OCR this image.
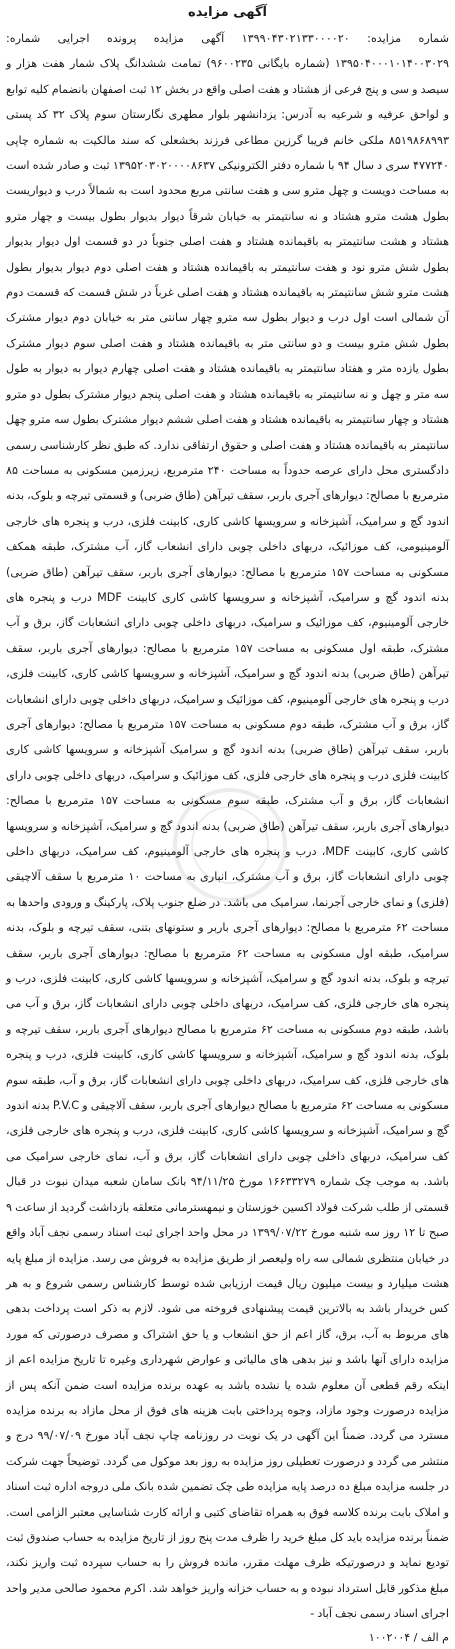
آگهی مزایده

شماره مزایده: ۱۳۹۹۰۴۳۰۲۱۳۳۰۰۰۰۲۰ آگهی مزایده پرونده اجرایی شماره: ۱۳۹۵۰۴۰۰۰۱۰۱۴۰۰۳۰۲۹ (شماره بایگانی ۹۶۰۰۲۳۵) تمامت ششدانگ پلاک شمار هفت هزار و سیصد و سی و پنج فرعی از هشتاد و هفت اصلی واقع در بخش ۱۲ ثبت اصفهان بانضمام کلیه توابع و لواحق عرفیه و شرعیه به آدرس: یزدانشهر بلوار مطهری نگارستان سوم پلاک ۳۲ کد پستی ۸۵۱۹۸۶۸۹۹۳ ملکی خانم فریبا گرزین مطاعی فرزند بخشعلی که سند مالکیت به شماره چاپی ۴۷۷۲۴۰ سری د سال ۹۴ با شماره دفتر الکترونیکی ۱۳۹۵۲۰۳۰۲۰۰۰۰۸۶۳۷ ثبت و صادر شده است به مساحت دویست و چهل مترو سی و هفت سانتی مربع محدود است به شمالاً درب و دیواریست بطول هشت مترو هشتاد و نه سانتیمتر به خیابان شرقاً دیوار بدیوار بطول بیست و چهار مترو هشتاد و هشت سانتیمتر به باقیمانده هشتاد و هفت اصلی جنوباً در دو قسمت اول دیوار بدیوار بطول شش مترو نود و هفت سانتیمتر به باقیمانده هشتاد و هفت اصلی دوم دیوار بدیوار بطول هشت مترو شش سانتیمتر به باقیمانده هشتاد و هفت اصلی غرباً در شش قسمت که قسمت دوم آن شمالی است اول درب و دیوار بطول سه مترو چهار سانتی متر به خیابان دوم دیوار مشترک بطول شش مترو بیست و دو سانتی متر به باقیمانده هشتاد و هفت اصلی سوم دیوار مشترک بطول یازده متر و هفتاد سانتیمتر به باقیمانده هشتاد و هفت اصلی چهارم دیوار به دیوار به طول سه متر و چهل و نه سانتیمتر به باقیمانده هشتاد و هفت اصلی پنجم دیوار مشترک بطول دو مترو هشتاد و چهار سانتیمتر به باقیمانده هشتاد و هفت اصلی ششم دیوار مشترک بطول سه مترو چهل سانتیمتر به باقیمانده هشتاد و هفت اصلی و حقوق ارتفاقی ندارد. که طبق نظر کارشناسی رسمی دادگستری محل دارای عرصه حدوداً به مساحت ۲۴۰ مترمربع، زیرزمین مسکونی به مساحت ۸۵ مترمربع با مصالح: دیوارهای آجری باربر، سقف تیرآهن (طاق ضربی) و قسمتی تیرچه و بلوک، بدنه اندود گچ و سرامیک، آشپزخانه و سرویسها کاشی کاری، کابینت فلزی، درب و پنجره های خارجی آلومینیومی، کف موزائیک، دربهای داخلی چوبی دارای انشعاب گاز، آب مشترک، طبقه همکف مسکونی به مساحت ۱۵۷ مترمربع با مصالح: دیوارهای آجری باربر، سقف تیرآهن (طاق ضربی) بدنه اندود گچ و سرامیک، آشپزخانه و سرویسها کاشی کاری کابینت MDF درب و پنجره های خارجی آلومینیوم، کف موزائیک و سرامیک، دربهای داخلی چوبی دارای انشعابات گاز، برق و آب مشترک، طبقه اول مسکونی به مساحت ۱۵۷ مترمربع با مصالح: دیوارهای آجری باربر، سقف تیرآهن (طاق ضربی) بدنه اندود گچ و سرامیک، آشپزخانه و سرویسها کاشی کاری، کابینت فلزی، درب و پنجره های خارجی آلومینیوم، کف موزائیک و سرامیک، دربهای داخلی چوبی دارای انشعابات گاز، برق و آب مشترک، طبقه دوم مسکونی به مساحت ۱۵۷ مترمربع با مصالح: دیوارهای آجری باربر، سقف تیرآهن (طاق ضربی) بدنه اندود گچ و سرامیک آشپزخانه و سرویسها کاشی کاری کابینت فلزی درب و پنجره های خارجی فلزی، کف موزائیک و سرامیک، دربهای داخلی چوبی دارای انشعابات گاز، برق و آب مشترک، طبقه سوم مسکونی به مساحت ۱۵۷ مترمربع با مصالح: دیوارهای آجری باربر، سقف تیرآهن (طاق ضربی) بدنه اندود گچ و سرامیک، آشپزخانه و سرویسها کاشی کاری، کابینت MDF، درب و پنجره های خارجی آلومینیوم، کف سرامیک، دربهای داخلی چوبی دارای انشعابات گاز، برق و آب مشترک، انباری به مساحت ۱۰ مترمربع با سقف آلاچیقی (فلزی) و نمای خارجی آجرنما، سرامیک می باشد. در ضلع جنوب پلاک، پارکینگ و ورودی واحدها به مساحت ۶۲ مترمربع با مصالح: دیوارهای آجری باربر و ستونهای بتنی، سقف تیرچه و بلوک، بدنه سرامیک، طبقه اول مسکونی به مساحت ۶۲ مترمربع با مصالح: دیوارهای آجری باربر، سقف تیرچه و بلوک، بدنه اندود گچ و سرامیک، آشپزخانه و سرویسها کاشی کاری، کابینت فلزی، درب و پنجره های خارجی فلزی، کف سرامیک، دربهای داخلی چوبی دارای انشعابات گاز، برق و آب می باشد، طبقه دوم مسکونی به مساحت ۶۲ مترمربع با مصالح دیوارهای آجری باربر، سقف تیرچه و بلوک، بدنه اندود گچ و سرامیک، آشپزخانه و سرویسها کاشی کاری، کابینت فلزی، درب و پنجره های خارجی فلزی، کف سرامیک، دربهای داخلی چوبی دارای انشعابات گاز، برق و آب، طبقه سوم مسکونی به مساحت ۶۲ مترمربع با مصالح دیوارهای آجری باربر، سقف آلاچیقی و P.V.C بدنه اندود گچ و سرامیک، آشپزخانه و سرویسها کاشی کاری، کابینت فلزی، درب و پنجره های خارجی فلزی، کف سرامیک، دربهای داخلی چوبی دارای انشعابات گاز، برق و آب، نمای خارجی سرامیک می باشد. به موجب چک شماره ۱۶۶۳۳۲۷۹ مورخ ۹۴/۱۱/۲۵ بانک سامان شعبه میدان نبوت در قبال قسمتی از طلب شرکت فولاد اکسین خوزستان و نیمهسترمانی متعلقه بازداشت گردید از ساعت ۹ صبح تا ۱۲ روز سه شنبه مورخ ۱۳۹۹/۰۷/۲۲ در محل واحد اجرای ثبت اسناد رسمی نجف آباد واقع در خیابان منتظری شمالی سه راه ولیعصر از طریق مزایده به فروش می رسد. مزایده از مبلغ پایه هشت میلیارد و بیست میلیون ریال قیمت ارزیابی شده توسط کارشناس رسمی شروع و به هر کس خریدار باشد به بالاترین قیمت پیشنهادی فروخته می شود. لازم به ذکر است پرداخت بدهی های مربوط به آب، برق، گاز اعم از حق انشعاب و یا حق اشتراک و مصرف درصورتی که مورد مزایده دارای آنها باشد و نیز بدهی های مالیاتی و عوارض شهرداری وغیره تا تاریخ مزایده اعم از اینکه رقم قطعی آن معلوم شده یا نشده باشد به عهده برنده مزایده است ضمن آنکه پس از مزایده درصورت وجود مازاد، وجوه پرداختی بابت هزینه های فوق از محل مازاد به برنده مزایده مسترد می گردد. ضمناً این آگهی در یک نوبت در روزنامه چاپ نجف آباد مورخ ۹۹/۰۷/۰۹ درج و منتشر می گردد و درصورت تعطیلی روز مزایده به روز بعد موکول می گردد. توضیحاً جهت شرکت در جلسه مزایده مبلغ ده درصد پایه مزایده طی چک تضمین شده بانک ملی دروجه اداره ثبت اسناد و املاک بابت برنده کلاسه فوق به همراه تقاضای کتبی و ارائه کارت شناسایی معتبر الزامی است. ضمناً برنده مزایده باید کل مبلغ خرید را ظرف مدت پنج روز از تاریخ مزایده به حساب صندوق ثبت تودیع نماید و درصورتیکه ظرف مهلت مقرر، مانده فروش را به حساب سپرده ثبت واریز نکند، مبلغ مذکور قابل استرداد نبوده و به حساب خزانه واریز خواهد شد. اکرم محمود صالحی مدیر واحد اجرای اسناد رسمی نجف آباد -

م الف / ۱۰۰۲۰۰۴
